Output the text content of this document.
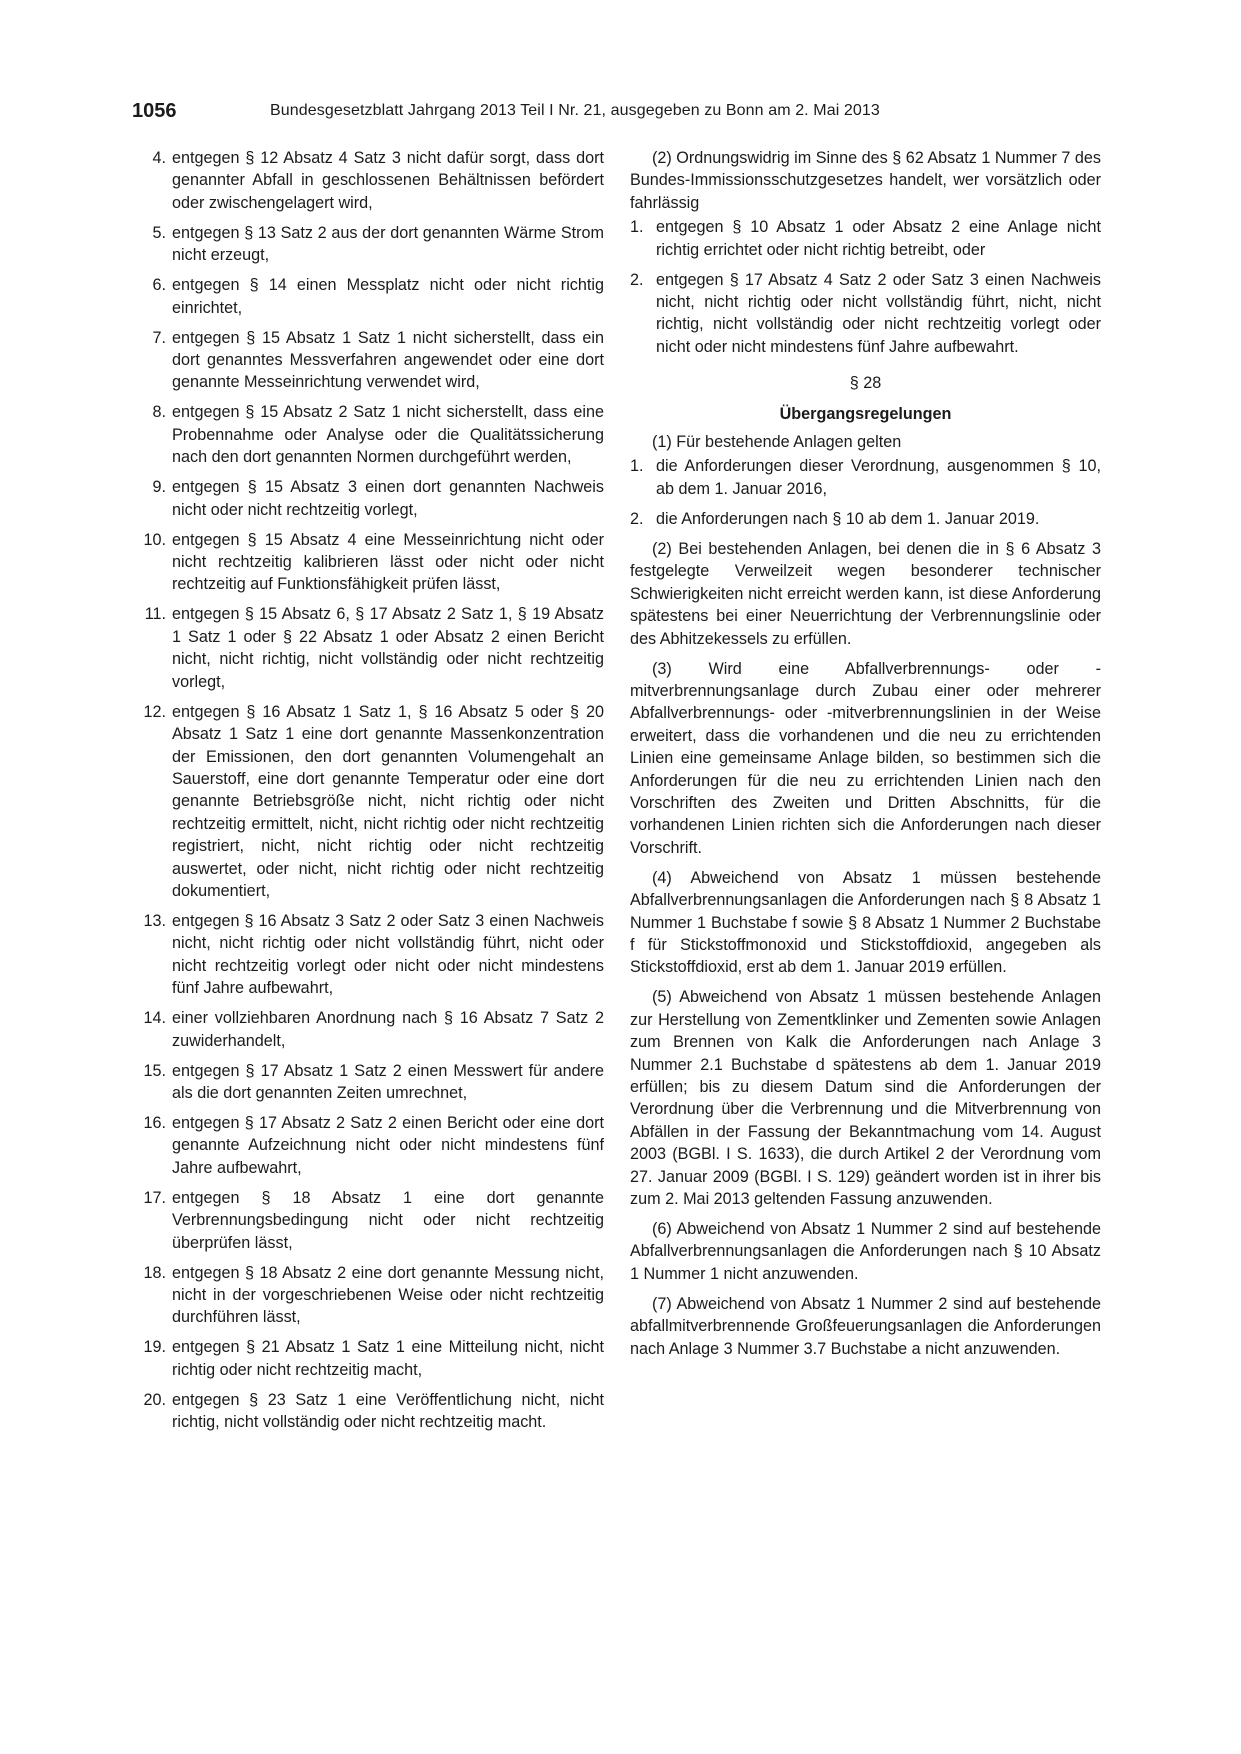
1056	Bundesgesetzblatt Jahrgang 2013 Teil I Nr. 21, ausgegeben zu Bonn am 2. Mai 2013
4. entgegen § 12 Absatz 4 Satz 3 nicht dafür sorgt, dass dort genannter Abfall in geschlossenen Behältnissen befördert oder zwischengelagert wird,
5. entgegen § 13 Satz 2 aus der dort genannten Wärme Strom nicht erzeugt,
6. entgegen § 14 einen Messplatz nicht oder nicht richtig einrichtet,
7. entgegen § 15 Absatz 1 Satz 1 nicht sicherstellt, dass ein dort genanntes Messverfahren angewendet oder eine dort genannte Messeinrichtung verwendet wird,
8. entgegen § 15 Absatz 2 Satz 1 nicht sicherstellt, dass eine Probennahme oder Analyse oder die Qualitätssicherung nach den dort genannten Normen durchgeführt werden,
9. entgegen § 15 Absatz 3 einen dort genannten Nachweis nicht oder nicht rechtzeitig vorlegt,
10. entgegen § 15 Absatz 4 eine Messeinrichtung nicht oder nicht rechtzeitig kalibrieren lässt oder nicht oder nicht rechtzeitig auf Funktionsfähigkeit prüfen lässt,
11. entgegen § 15 Absatz 6, § 17 Absatz 2 Satz 1, § 19 Absatz 1 Satz 1 oder § 22 Absatz 1 oder Absatz 2 einen Bericht nicht, nicht richtig, nicht vollständig oder nicht rechtzeitig vorlegt,
12. entgegen § 16 Absatz 1 Satz 1, § 16 Absatz 5 oder § 20 Absatz 1 Satz 1 eine dort genannte Massenkonzentration der Emissionen, den dort genannten Volumengehalt an Sauerstoff, eine dort genannte Temperatur oder eine dort genannte Betriebsgröße nicht, nicht richtig oder nicht rechtzeitig ermittelt, nicht, nicht richtig oder nicht rechtzeitig registriert, nicht, nicht richtig oder nicht rechtzeitig auswertet, oder nicht, nicht richtig oder nicht rechtzeitig dokumentiert,
13. entgegen § 16 Absatz 3 Satz 2 oder Satz 3 einen Nachweis nicht, nicht richtig oder nicht vollständig führt, nicht oder nicht rechtzeitig vorlegt oder nicht oder nicht mindestens fünf Jahre aufbewahrt,
14. einer vollziehbaren Anordnung nach § 16 Absatz 7 Satz 2 zuwiderhandelt,
15. entgegen § 17 Absatz 1 Satz 2 einen Messwert für andere als die dort genannten Zeiten umrechnet,
16. entgegen § 17 Absatz 2 Satz 2 einen Bericht oder eine dort genannte Aufzeichnung nicht oder nicht mindestens fünf Jahre aufbewahrt,
17. entgegen § 18 Absatz 1 eine dort genannte Verbrennungsbedingung nicht oder nicht rechtzeitig überprüfen lässt,
18. entgegen § 18 Absatz 2 eine dort genannte Messung nicht, nicht in der vorgeschriebenen Weise oder nicht rechtzeitig durchführen lässt,
19. entgegen § 21 Absatz 1 Satz 1 eine Mitteilung nicht, nicht richtig oder nicht rechtzeitig macht,
20. entgegen § 23 Satz 1 eine Veröffentlichung nicht, nicht richtig, nicht vollständig oder nicht rechtzeitig macht.

(2) Ordnungswidrig im Sinne des § 62 Absatz 1 Nummer 7 des Bundes-Immissionsschutzgesetzes handelt, wer vorsätzlich oder fahrlässig

1. entgegen § 10 Absatz 1 oder Absatz 2 eine Anlage nicht richtig errichtet oder nicht richtig betreibt, oder
2. entgegen § 17 Absatz 4 Satz 2 oder Satz 3 einen Nachweis nicht, nicht richtig oder nicht vollständig führt, nicht, nicht richtig, nicht vollständig oder nicht rechtzeitig vorlegt oder nicht oder nicht mindestens fünf Jahre aufbewahrt.
§ 28
Übergangsregelungen

(1) Für bestehende Anlagen gelten

1. die Anforderungen dieser Verordnung, ausgenommen § 10, ab dem 1. Januar 2016,
2. die Anforderungen nach § 10 ab dem 1. Januar 2019.

(2) Bei bestehenden Anlagen, bei denen die in § 6 Absatz 3 festgelegte Verweilzeit wegen besonderer technischer Schwierigkeiten nicht erreicht werden kann, ist diese Anforderung spätestens bei einer Neuerrichtung der Verbrennungslinie oder des Abhitzekessels zu erfüllen.

(3) Wird eine Abfallverbrennungs- oder -mitverbrennungsanlage durch Zubau einer oder mehrerer Abfallverbrennungs- oder -mitverbrennungslinien in der Weise erweitert, dass die vorhandenen und die neu zu errichtenden Linien eine gemeinsame Anlage bilden, so bestimmen sich die Anforderungen für die neu zu errichtenden Linien nach den Vorschriften des Zweiten und Dritten Abschnitts, für die vorhandenen Linien richten sich die Anforderungen nach dieser Vorschrift.

(4) Abweichend von Absatz 1 müssen bestehende Abfallverbrennungsanlagen die Anforderungen nach § 8 Absatz 1 Nummer 1 Buchstabe f sowie § 8 Absatz 1 Nummer 2 Buchstabe f für Stickstoffmonoxid und Stickstoffdioxid, angegeben als Stickstoffdioxid, erst ab dem 1. Januar 2019 erfüllen.

(5) Abweichend von Absatz 1 müssen bestehende Anlagen zur Herstellung von Zementklinker und Zementen sowie Anlagen zum Brennen von Kalk die Anforderungen nach Anlage 3 Nummer 2.1 Buchstabe d spätestens ab dem 1. Januar 2019 erfüllen; bis zu diesem Datum sind die Anforderungen der Verordnung über die Verbrennung und die Mitverbrennung von Abfällen in der Fassung der Bekanntmachung vom 14. August 2003 (BGBl. I S. 1633), die durch Artikel 2 der Verordnung vom 27. Januar 2009 (BGBl. I S. 129) geändert worden ist in ihrer bis zum 2. Mai 2013 geltenden Fassung anzuwenden.

(6) Abweichend von Absatz 1 Nummer 2 sind auf bestehende Abfallverbrennungsanlagen die Anforderungen nach § 10 Absatz 1 Nummer 1 nicht anzuwenden.

(7) Abweichend von Absatz 1 Nummer 2 sind auf bestehende abfallmitverbrennende Großfeuerungsanlagen die Anforderungen nach Anlage 3 Nummer 3.7 Buchstabe a nicht anzuwenden.
